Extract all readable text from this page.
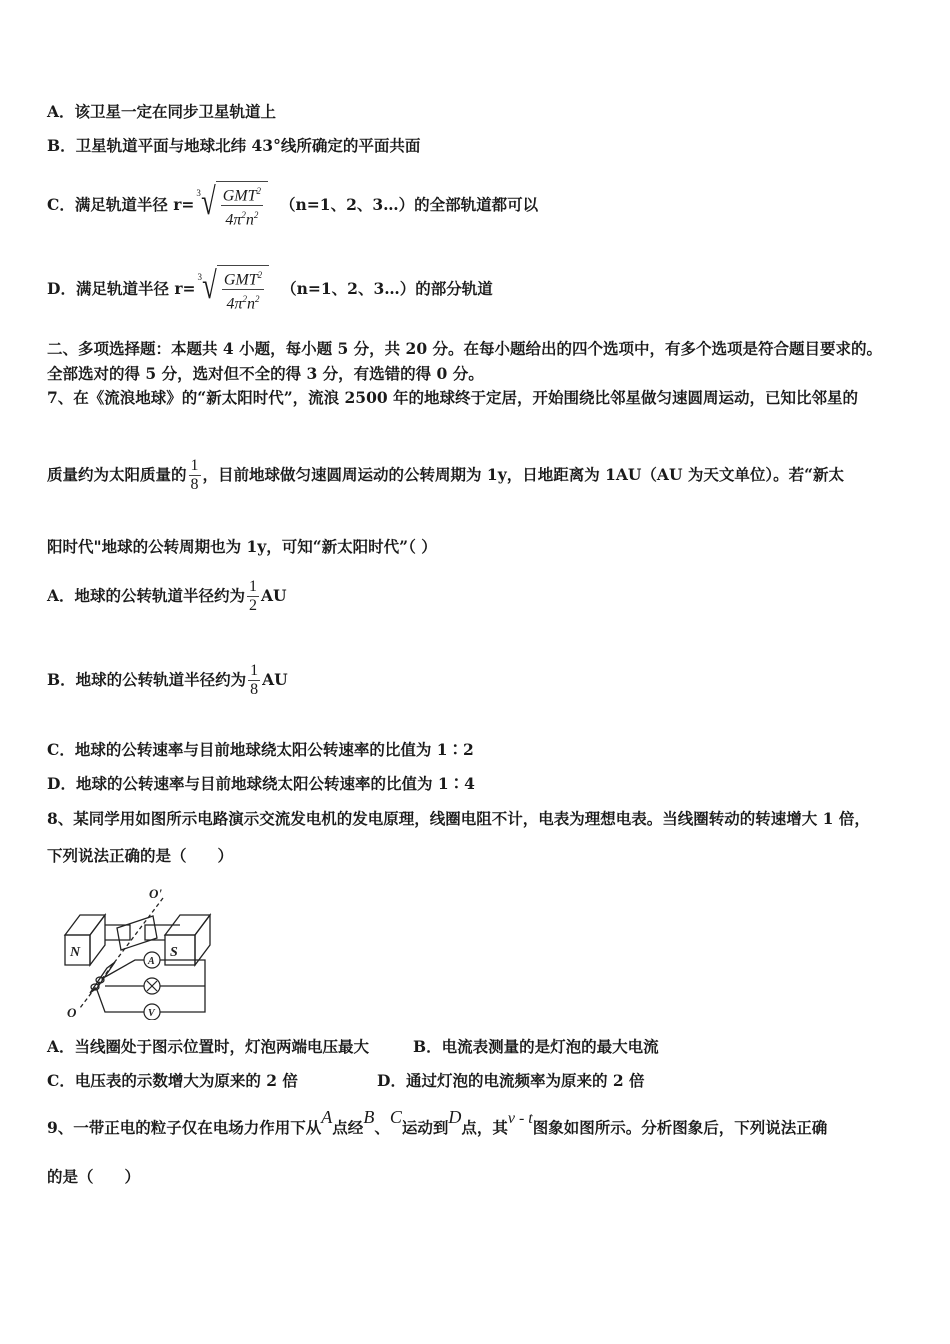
A．该卫星一定在同步卫星轨道上
B．卫星轨道平面与地球北纬 43°线所确定的平面共面
C．满足轨道半径 r=
3 √ $\frac{GMT^2}{4\pi^2n^2} (n=1$、2、3…）的全部轨道都可以
D．满足轨道半径 r=
3 √ $\frac{GMT^2}{4\pi^2n^2} (n=1$、2、3…）的部分轨道
二、多项选择题：本题共 4 小题，每小题 5 分，共 20 分。在每小题给出的四个选项中，有多个选项是符合题目要求的。
全部选对的得 5 分，选对但不全的得 3 分，有选错的得 0 分。
7、在《流浪地球》的“新太阳时代”，流浪 2500 年的地球终于定居，开始围绕比邻星做匀速圆周运动，已知比邻星的
质量约为太阳质量的 $\frac{1}{8}$ ，目前地球做匀速圆周运动的公转周期为 1y，日地距离为 1AU（AU 为天文单位）。若“新太
阳时代"地球的公转周期也为 1y，可知“新太阳时代”（ ）
A．地球的公转轨道半径约为 $\frac{1}{2}$ AU
B．地球的公转轨道半径约为 $\frac{1}{8}$ AU
C．地球的公转速率与目前地球绕太阳公转速率的比值为 1∶2
D．地球的公转速率与目前地球绕太阳公转速率的比值为 1∶4
8、某同学用如图所示电路演示交流发电机的发电原理，线圈电阻不计，电表为理想电表。当线圈转动的转速增大 1 倍，
下列说法正确的是（　　）
N	S
O'
O
A
V
A．当线圈处于图示位置时，灯泡两端电压最大	B．电流表测量的是灯泡的最大电流
C．电压表的示数增大为原来的 2 倍	D．通过灯泡的电流频率为原来的 2 倍
9、一带正电的粒子仅在电场力作用下从A点经B、C运动到D点，其v - t图象如图所示。分析图象后，下列说法正确
的是（　　）
